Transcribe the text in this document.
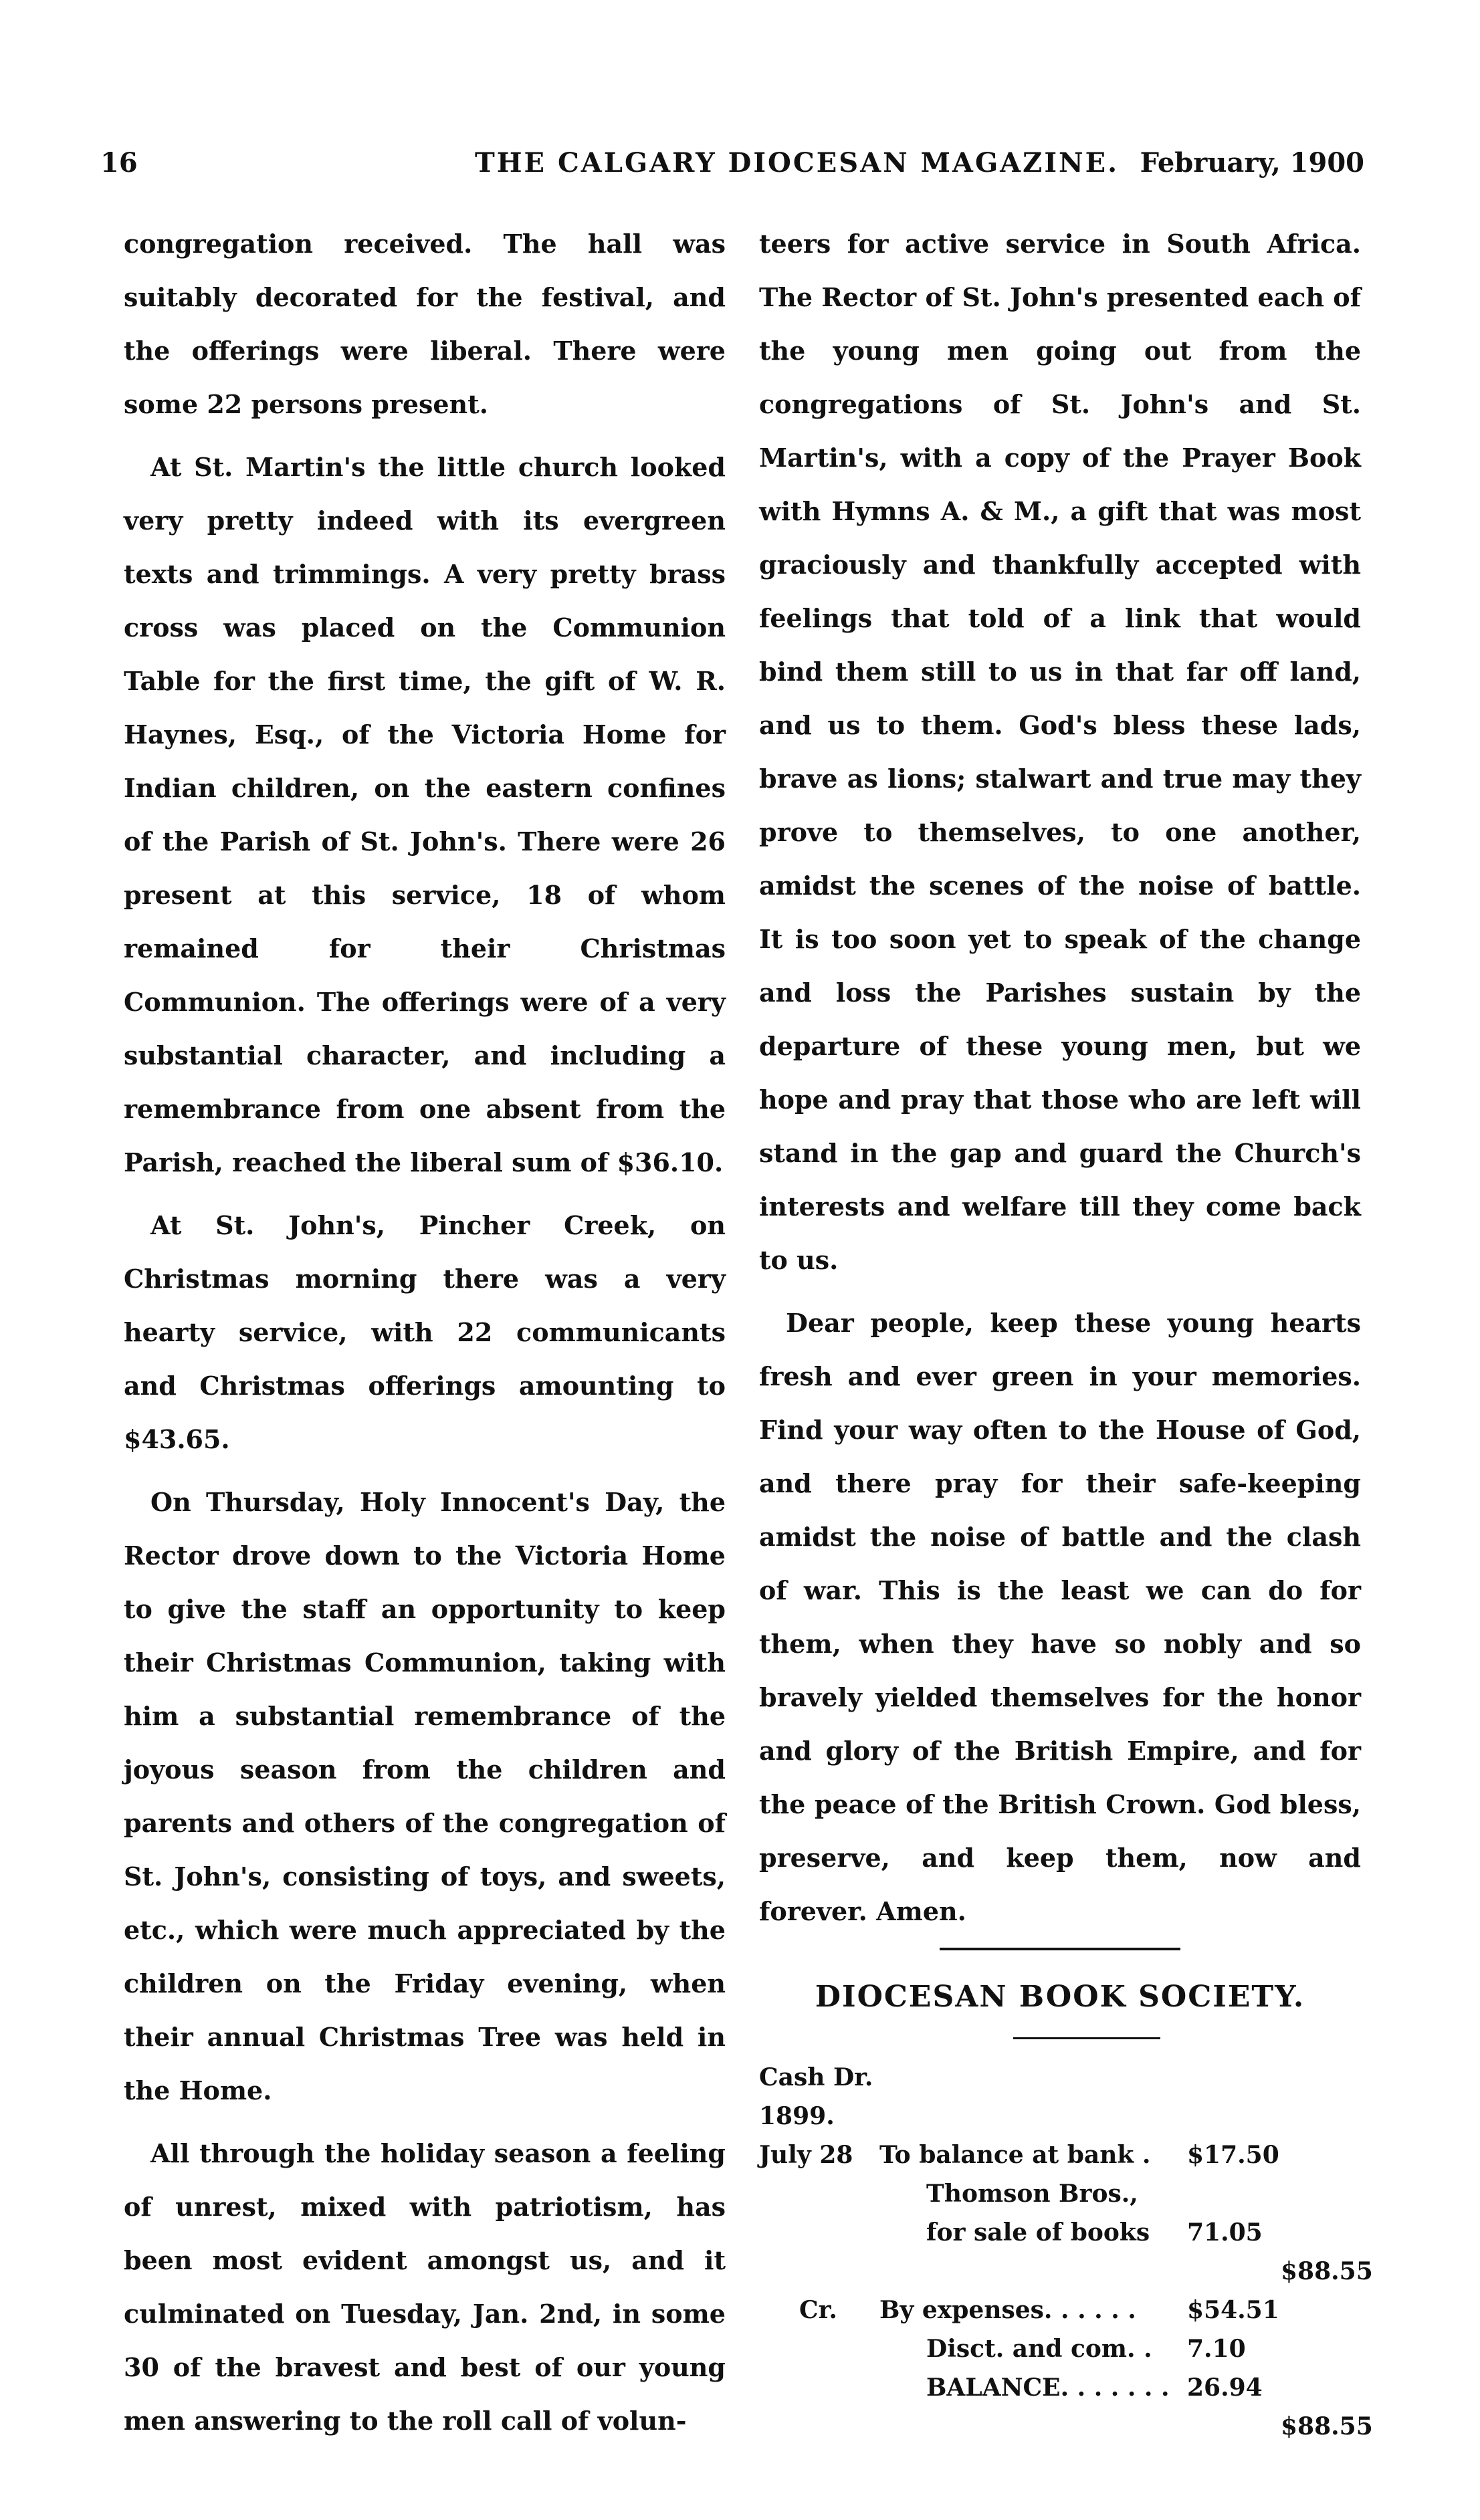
16	THE CALGARY DIOCESAN MAGAZINE. February, 1900

congregation received. The hall was suitably decorated for the festival, and the offerings were liberal. There were some 22 persons present.

At St. Martin's the little church looked very pretty indeed with its evergreen texts and trimmings. A very pretty brass cross was placed on the Communion Table for the first time, the gift of W. R. Haynes, Esq., of the Victoria Home for Indian children, on the eastern confines of the Parish of St. John's. There were 26 present at this service, 18 of whom remained for their Christmas Communion. The offerings were of a very substantial character, and including a remembrance from one absent from the Parish, reached the liberal sum of $36.10.

At St. John's, Pincher Creek, on Christmas morning there was a very hearty service, with 22 communicants and Christmas offerings amounting to $43.65.

On Thursday, Holy Innocent's Day, the Rector drove down to the Victoria Home to give the staff an opportunity to keep their Christmas Communion, taking with him a substantial remembrance of the joyous season from the children and parents and others of the congregation of St. John's, consisting of toys, and sweets, etc., which were much appreciated by the children on the Friday evening, when their annual Christmas Tree was held in the Home.

All through the holiday season a feeling of unrest, mixed with patriotism, has been most evident amongst us, and it culminated on Tuesday, Jan. 2nd, in some 30 of the bravest and best of our young men answering to the roll call of volun-

teers for active service in South Africa. The Rector of St. John's presented each of the young men going out from the congregations of St. John's and St. Martin's, with a copy of the Prayer Book with Hymns A. & M., a gift that was most graciously and thankfully accepted with feelings that told of a link that would bind them still to us in that far off land, and us to them. God's bless these lads, brave as lions; stalwart and true may they prove to themselves, to one another, amidst the scenes of the noise of battle. It is too soon yet to speak of the change and loss the Parishes sustain by the departure of these young men, but we hope and pray that those who are left will stand in the gap and guard the Church's interests and welfare till they come back to us.

Dear people, keep these young hearts fresh and ever green in your memories. Find your way often to the House of God, and there pray for their safe-keeping amidst the noise of battle and the clash of war. This is the least we can do for them, when they have so nobly and so bravely yielded themselves for the honor and glory of the British Empire, and for the peace of the British Crown. God bless, preserve, and keep them, now and forever. Amen.

DIOCESAN BOOK SOCIETY.
Cash Dr.
1899.
July 28 To balance at bank . $17.50
Thomson Bros.,
for sale of books 71.05
$88.55
Cr. By expenses. . . . . . $54.51
Disct. and com. . 7.10
BALANCE. . . . . . . 26.94
$88.55
